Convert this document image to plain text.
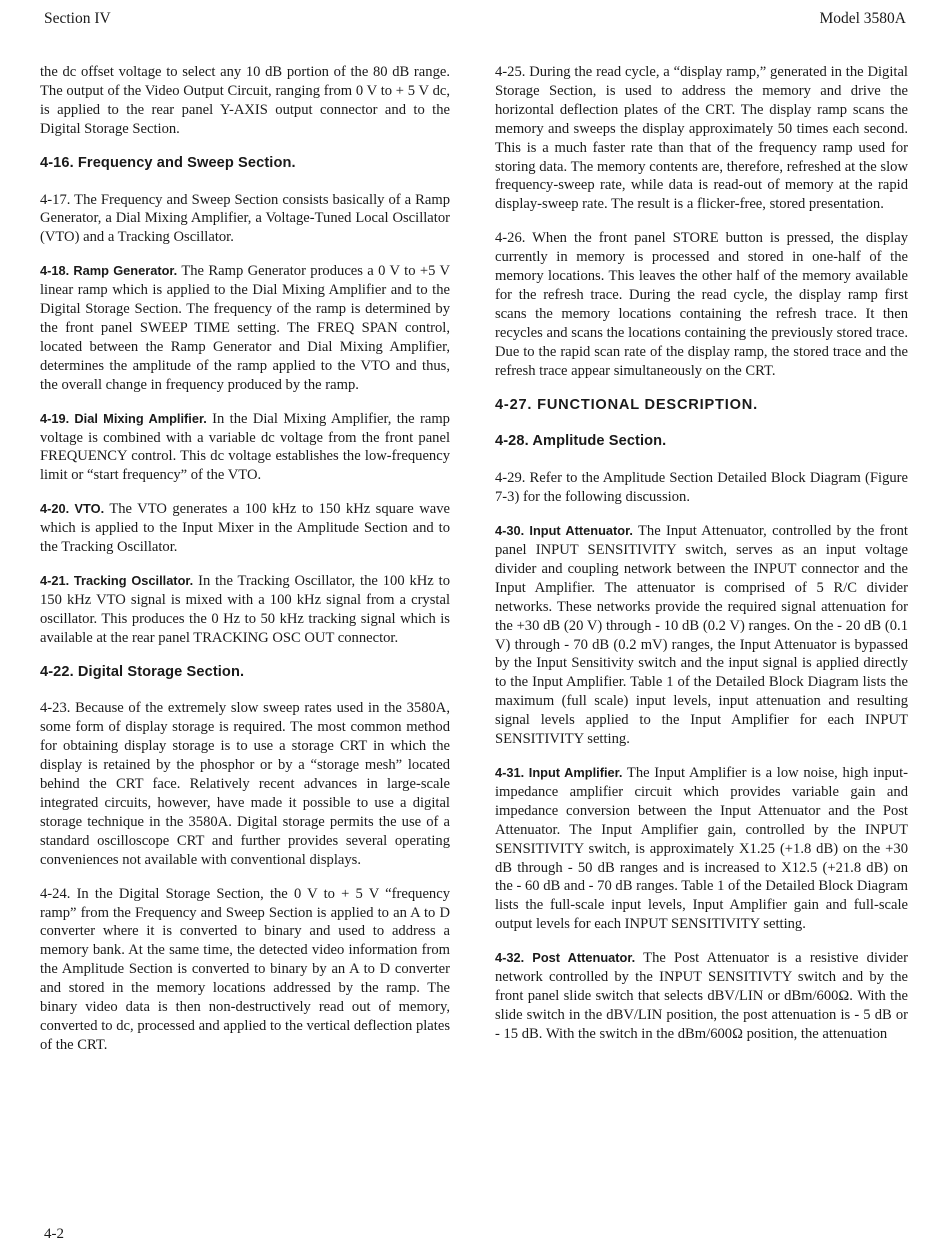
Section IV	Model 3580A

the dc offset voltage to select any 10 dB portion of the 80 dB range. The output of the Video Output Circuit, ranging from 0 V to + 5 V dc, is applied to the rear panel Y-AXIS output connector and to the Digital Storage Section.

4-16. Frequency and Sweep Section.

4-17. The Frequency and Sweep Section consists basically of a Ramp Generator, a Dial Mixing Amplifier, a Voltage-Tuned Local Oscillator (VTO) and a Tracking Oscillator.

4-18. Ramp Generator. The Ramp Generator produces a 0 V to +5 V linear ramp which is applied to the Dial Mixing Amplifier and to the Digital Storage Section. The frequency of the ramp is determined by the front panel SWEEP TIME setting. The FREQ SPAN control, located between the Ramp Generator and Dial Mixing Amplifier, determines the amplitude of the ramp applied to the VTO and thus, the overall change in frequency produced by the ramp.

4-19. Dial Mixing Amplifier. In the Dial Mixing Amplifier, the ramp voltage is combined with a variable dc voltage from the front panel FREQUENCY control. This dc voltage establishes the low-frequency limit or “start frequency” of the VTO.

4-20. VTO. The VTO generates a 100 kHz to 150 kHz square wave which is applied to the Input Mixer in the Amplitude Section and to the Tracking Oscillator.

4-21. Tracking Oscillator. In the Tracking Oscillator, the 100 kHz to 150 kHz VTO signal is mixed with a 100 kHz signal from a crystal oscillator. This produces the 0 Hz to 50 kHz tracking signal which is available at the rear panel TRACKING OSC OUT connector.

4-22. Digital Storage Section.

4-23. Because of the extremely slow sweep rates used in the 3580A, some form of display storage is required. The most common method for obtaining display storage is to use a storage CRT in which the display is retained by the phosphor or by a “storage mesh” located behind the CRT face. Relatively recent advances in large-scale integrated circuits, however, have made it possible to use a digital storage technique in the 3580A. Digital storage permits the use of a standard oscilloscope CRT and further provides several operating conveniences not available with conventional displays.

4-24. In the Digital Storage Section, the 0 V to + 5 V “frequency ramp” from the Frequency and Sweep Section is applied to an A to D converter where it is converted to binary and used to address a memory bank. At the same time, the detected video information from the Amplitude Section is converted to binary by an A to D converter and stored in the memory locations addressed by the ramp. The binary video data is then non-destructively read out of memory, converted to dc, processed and applied to the vertical deflection plates of the CRT.

4-25. During the read cycle, a “display ramp,” generated in the Digital Storage Section, is used to address the memory and drive the horizontal deflection plates of the CRT. The display ramp scans the memory and sweeps the display approximately 50 times each second. This is a much faster rate than that of the frequency ramp used for storing data. The memory contents are, therefore, refreshed at the slow frequency-sweep rate, while data is read-out of memory at the rapid display-sweep rate. The result is a flicker-free, stored presentation.

4-26. When the front panel STORE button is pressed, the display currently in memory is processed and stored in one-half of the memory locations. This leaves the other half of the memory available for the refresh trace. During the read cycle, the display ramp first scans the memory locations containing the refresh trace. It then recycles and scans the locations containing the previously stored trace. Due to the rapid scan rate of the display ramp, the stored trace and the refresh trace appear simultaneously on the CRT.

4-27. FUNCTIONAL DESCRIPTION.
4-28. Amplitude Section.

4-29. Refer to the Amplitude Section Detailed Block Diagram (Figure 7-3) for the following discussion.

4-30. Input Attenuator. The Input Attenuator, controlled by the front panel INPUT SENSITIVITY switch, serves as an input voltage divider and coupling network between the INPUT connector and the Input Amplifier. The attenuator is comprised of 5 R/C divider networks. These networks provide the required signal attenuation for the +30 dB (20 V) through - 10 dB (0.2 V) ranges. On the - 20 dB (0.1 V) through - 70 dB (0.2 mV) ranges, the Input Attenuator is bypassed by the Input Sensitivity switch and the input signal is applied directly to the Input Amplifier. Table 1 of the Detailed Block Diagram lists the maximum (full scale) input levels, input attenuation and resulting signal levels applied to the Input Amplifier for each INPUT SENSITIVITY setting.

4-31. Input Amplifier. The Input Amplifier is a low noise, high input-impedance amplifier circuit which provides variable gain and impedance conversion between the Input Attenuator and the Post Attenuator. The Input Amplifier gain, controlled by the INPUT SENSITIVITY switch, is approximately X1.25 (+1.8 dB) on the +30 dB through - 50 dB ranges and is increased to X12.5 (+21.8 dB) on the - 60 dB and - 70 dB ranges. Table 1 of the Detailed Block Diagram lists the full-scale input levels, Input Amplifier gain and full-scale output levels for each INPUT SENSITIVITY setting.

4-32. Post Attenuator. The Post Attenuator is a resistive divider network controlled by the INPUT SENSITIVTY switch and by the front panel slide switch that selects dBV/LIN or dBm/600Ω. With the slide switch in the dBV/LIN position, the post attenuation is - 5 dB or - 15 dB. With the switch in the dBm/600Ω position, the attenuation

4-2
